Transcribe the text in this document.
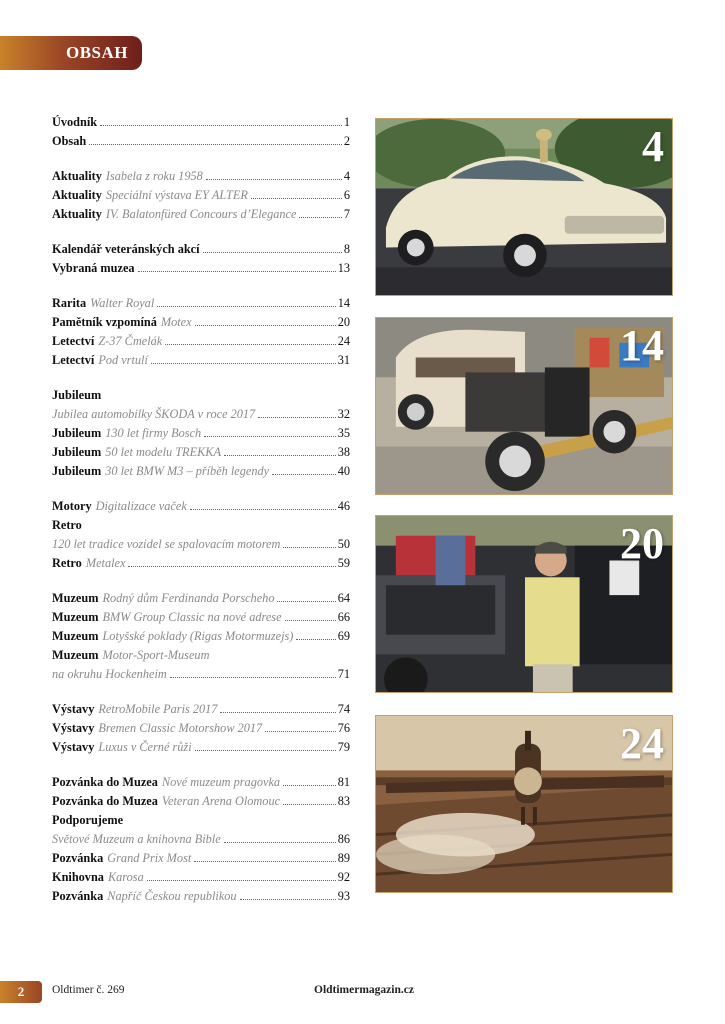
OBSAH
Úvodník	1
Obsah	2
Aktuality Isabela z roku 1958	4
Aktuality Speciální výstava EY ALTER	6
Aktuality IV. Balatonfüred Concours d’Elegance	7
Kalendář veteránských akcí	8
Vybraná muzea	13
Rarita Walter Royal	14
Pamětník vzpomíná Motex	20
Letectví Z-37 Čmelák	24
Letectví Pod vrtulí	31
Jubileum
Jubilea automobilky ŠKODA v roce 2017	32
Jubileum 130 let firmy Bosch	35
Jubileum 50 let modelu TREKKA	38
Jubileum 30 let BMW M3 – příběh legendy	40
Motory Digitalizace vaček	46
Retro
120 let tradice vozidel se spalovacím motorem	50
Retro Metalex	59
Muzeum Rodný dům Ferdinanda Porscheho	64
Muzeum BMW Group Classic na nové adrese	66
Muzeum Lotyšské poklady (Rigas Motormuzejs)	69
Muzeum Motor-Sport-Museum
na okruhu Hockenheim	71
Výstavy RetroMobile Paris 2017	74
Výstavy Bremen Classic Motorshow 2017	76
Výstavy Luxus v Černé růži	79
Pozvánka do Muzea Nové muzeum pragovka	81
Pozvánka do Muzea Veteran Arena Olomouc	83
Podporujeme
Světové Muzeum a knihovna Bible	86
Pozvánka Grand Prix Most	89
Knihovna Karosa	92
Pozvánka Napříč Českou republikou	93
4
14
20
24
2	Oldtimer č. 269	Oldtimermagazin.cz
